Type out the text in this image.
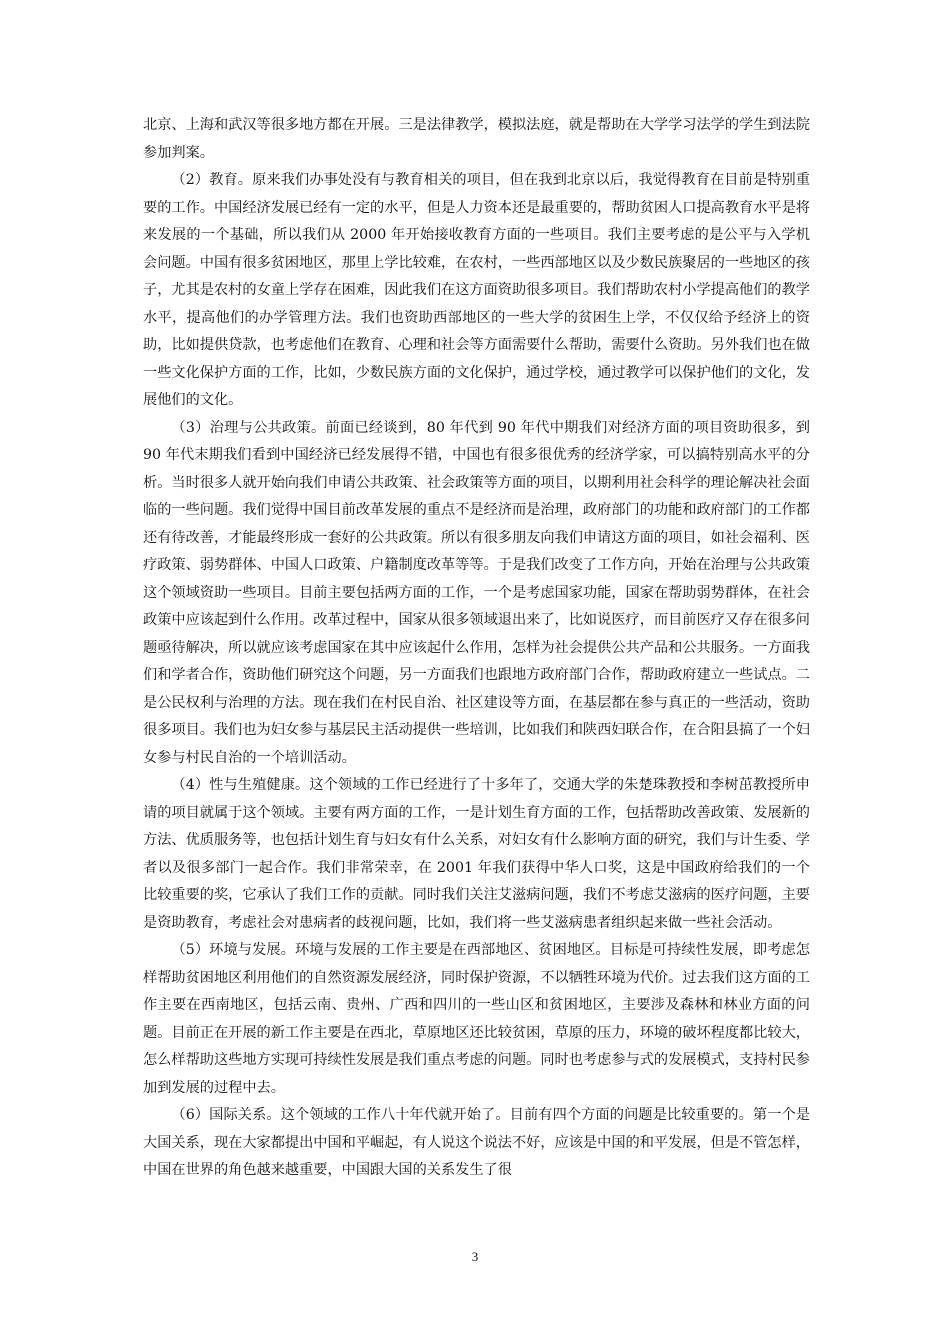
北京、上海和武汉等很多地方都在开展。三是法律教学，模拟法庭，就是帮助在大学学习法学的学生到法院参加判案。

（2）教育。原来我们办事处没有与教育相关的项目，但在我到北京以后，我觉得教育在目前是特别重要的工作。中国经济发展已经有一定的水平，但是人力资本还是最重要的，帮助贫困人口提高教育水平是将来发展的一个基础，所以我们从 2000 年开始接收教育方面的一些项目。我们主要考虑的是公平与入学机会问题。中国有很多贫困地区，那里上学比较难，在农村，一些西部地区以及少数民族聚居的一些地区的孩子，尤其是农村的女童上学存在困难，因此我们在这方面资助很多项目。我们帮助农村小学提高他们的教学水平，提高他们的办学管理方法。我们也资助西部地区的一些大学的贫困生上学，不仅仅给予经济上的资助，比如提供贷款，也考虑他们在教育、心理和社会等方面需要什么帮助，需要什么资助。另外我们也在做一些文化保护方面的工作，比如，少数民族方面的文化保护，通过学校，通过教学可以保护他们的文化，发展他们的文化。

（3）治理与公共政策。前面已经谈到，80 年代到 90 年代中期我们对经济方面的项目资助很多，到 90 年代末期我们看到中国经济已经发展得不错，中国也有很多很优秀的经济学家，可以搞特别高水平的分析。当时很多人就开始向我们申请公共政策、社会政策等方面的项目，以期利用社会科学的理论解决社会面临的一些问题。我们觉得中国目前改革发展的重点不是经济而是治理，政府部门的功能和政府部门的工作都还有待改善，才能最终形成一套好的公共政策。所以有很多朋友向我们申请这方面的项目，如社会福利、医疗政策、弱势群体、中国人口政策、户籍制度改革等等。于是我们改变了工作方向，开始在治理与公共政策这个领域资助一些项目。目前主要包括两方面的工作，一个是考虑国家功能，国家在帮助弱势群体，在社会政策中应该起到什么作用。改革过程中，国家从很多领域退出来了，比如说医疗，而目前医疗又存在很多问题亟待解决，所以就应该考虑国家在其中应该起什么作用，怎样为社会提供公共产品和公共服务。一方面我们和学者合作，资助他们研究这个问题，另一方面我们也跟地方政府部门合作，帮助政府建立一些试点。二是公民权利与治理的方法。现在我们在村民自治、社区建设等方面，在基层都在参与真正的一些活动，资助很多项目。我们也为妇女参与基层民主活动提供一些培训，比如我们和陕西妇联合作，在合阳县搞了一个妇女参与村民自治的一个培训活动。

（4）性与生殖健康。这个领域的工作已经进行了十多年了，交通大学的朱楚珠教授和李树茁教授所申请的项目就属于这个领域。主要有两方面的工作，一是计划生育方面的工作，包括帮助改善政策、发展新的方法、优质服务等，也包括计划生育与妇女有什么关系，对妇女有什么影响方面的研究，我们与计生委、学者以及很多部门一起合作。我们非常荣幸，在 2001 年我们获得中华人口奖，这是中国政府给我们的一个比较重要的奖，它承认了我们工作的贡献。同时我们关注艾滋病问题，我们不考虑艾滋病的医疗问题，主要是资助教育，考虑社会对患病者的歧视问题，比如，我们将一些艾滋病患者组织起来做一些社会活动。

（5）环境与发展。环境与发展的工作主要是在西部地区、贫困地区。目标是可持续性发展，即考虑怎样帮助贫困地区利用他们的自然资源发展经济，同时保护资源，不以牺牲环境为代价。过去我们这方面的工作主要在西南地区，包括云南、贵州、广西和四川的一些山区和贫困地区，主要涉及森林和林业方面的问题。目前正在开展的新工作主要是在西北，草原地区还比较贫困，草原的压力，环境的破坏程度都比较大，怎么样帮助这些地方实现可持续性发展是我们重点考虑的问题。同时也考虑参与式的发展模式，支持村民参加到发展的过程中去。

（6）国际关系。这个领域的工作八十年代就开始了。目前有四个方面的问题是比较重要的。第一个是大国关系，现在大家都提出中国和平崛起，有人说这个说法不好，应该是中国的和平发展，但是不管怎样，中国在世界的角色越来越重要，中国跟大国的关系发生了很

3
